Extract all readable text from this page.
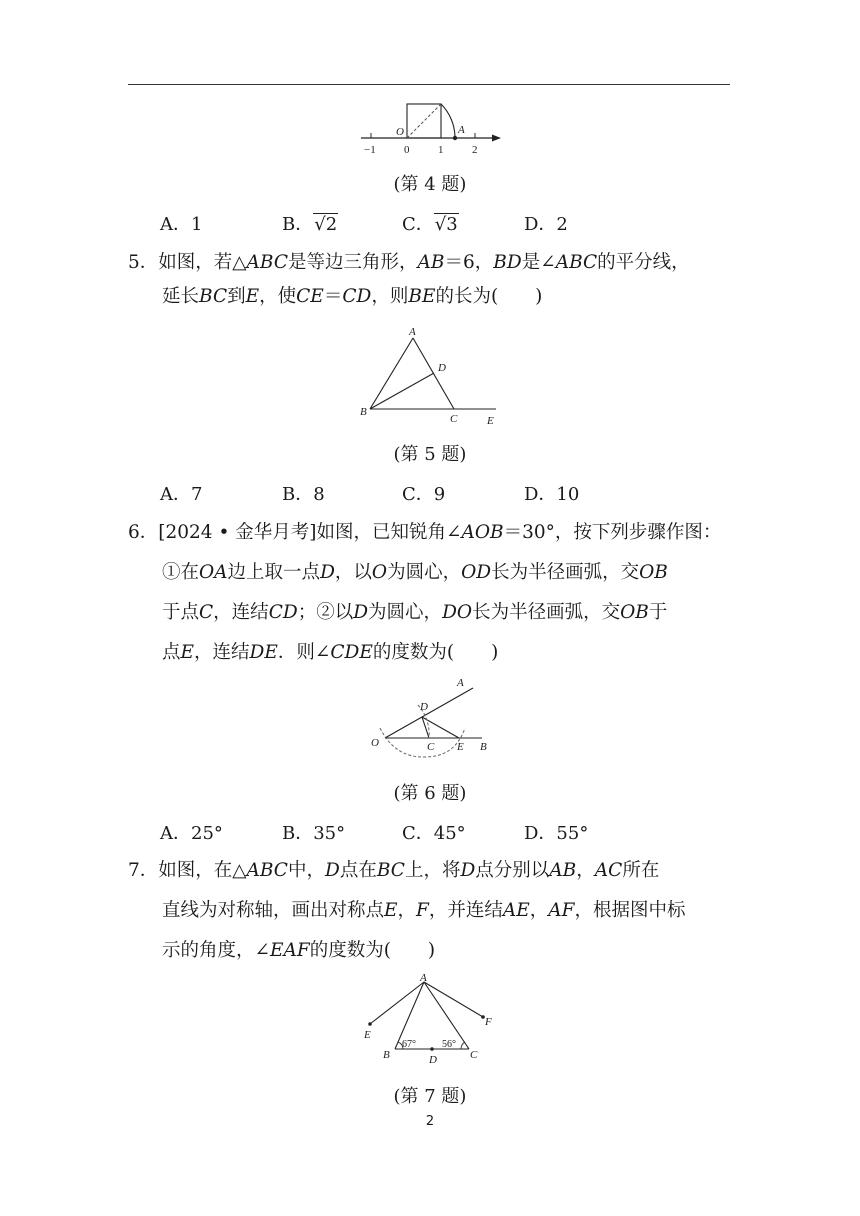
O	A
−1	0	1	2
(第 4 题)
A．1	B．√2	C．√3	D．2
5．如图，若△ABC是等边三角形，AB＝6，BD是∠ABC的平分线，
延长BC到E，使CE＝CD，则BE的长为(　　)
A
D
B
C	E
(第 5 题)
A．7	B．8	C．9	D．10
6．[2024 • 金华月考]如图，已知锐角∠AOB＝30°，按下列步骤作图：
①在OA边上取一点D，以O为圆心，OD长为半径画弧，交OB
于点C，连结CD；②以D为圆心，DO长为半径画弧，交OB于
点E，连结DE．则∠CDE的度数为(　　)
A
D
O	C E B
(第 6 题)
A．25°	B．35°	C．45°	D．55°
7．如图，在△ABC中，D点在BC上，将D点分别以AB，AC所在
直线为对称轴，画出对称点E，F，并连结AE，AF，根据图中标
示的角度，∠EAF的度数为(　　)
A
E
F
B	C
D
67°	56°
(第 7 题)
2
